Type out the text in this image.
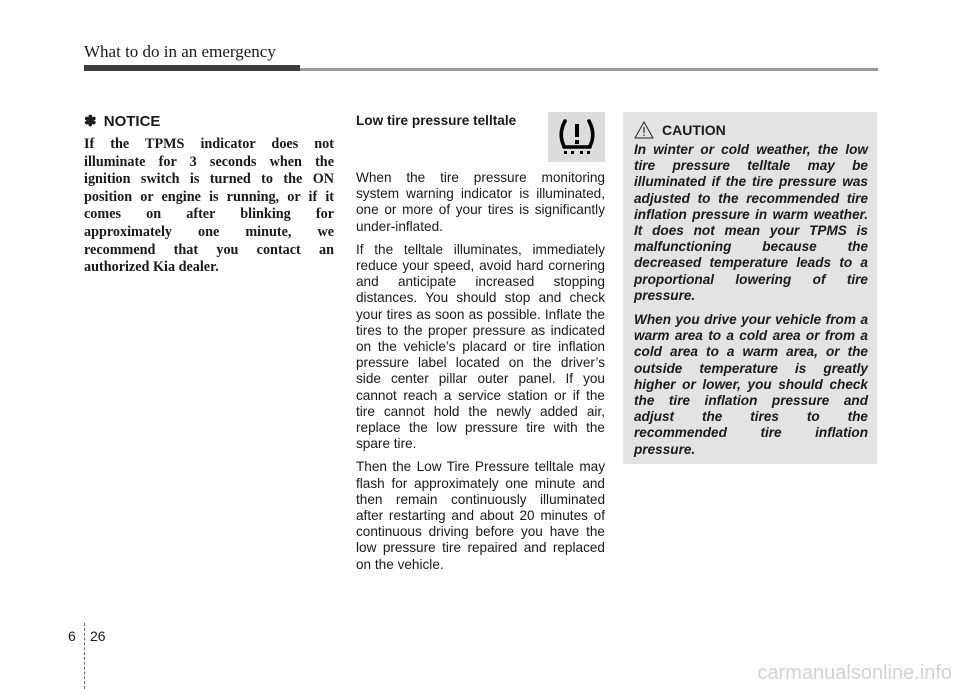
What to do in an emergency
✽ NOTICE

If the TPMS indicator does not illuminate for 3 seconds when the ignition switch is turned to the ON position or engine is running, or if it comes on after blinking for approximately one minute, we recommend that you contact an authorized Kia dealer.

Low tire pressure telltale

When the tire pressure monitoring system warning indicator is illuminated, one or more of your tires is significantly under-inflated.

If the telltale illuminates, immediately reduce your speed, avoid hard cornering and anticipate increased stopping distances. You should stop and check your tires as soon as possible. Inflate the tires to the proper pressure as indicated on the vehicle’s placard or tire inflation pressure label located on the driver’s side center pillar outer panel. If you cannot reach a service station or if the tire cannot hold the newly added air, replace the low pressure tire with the spare tire.

Then the Low Tire Pressure telltale may flash for approximately one minute and then remain continuously illuminated after restarting and about 20 minutes of continuous driving before you have the low pressure tire repaired and replaced on the vehicle.

CAUTION

In winter or cold weather, the low tire pressure telltale may be illuminated if the tire pressure was adjusted to the recommended tire inflation pressure in warm weather. It does not mean your TPMS is malfunctioning because the decreased temperature leads to a proportional lowering of tire pressure.

When you drive your vehicle from a warm area to a cold area or from a cold area to a warm area, or the outside temperature is greatly higher or lower, you should check the tire inflation pressure and adjust the tires to the recommended tire inflation pressure.

6 26
carmanualsonline.info
